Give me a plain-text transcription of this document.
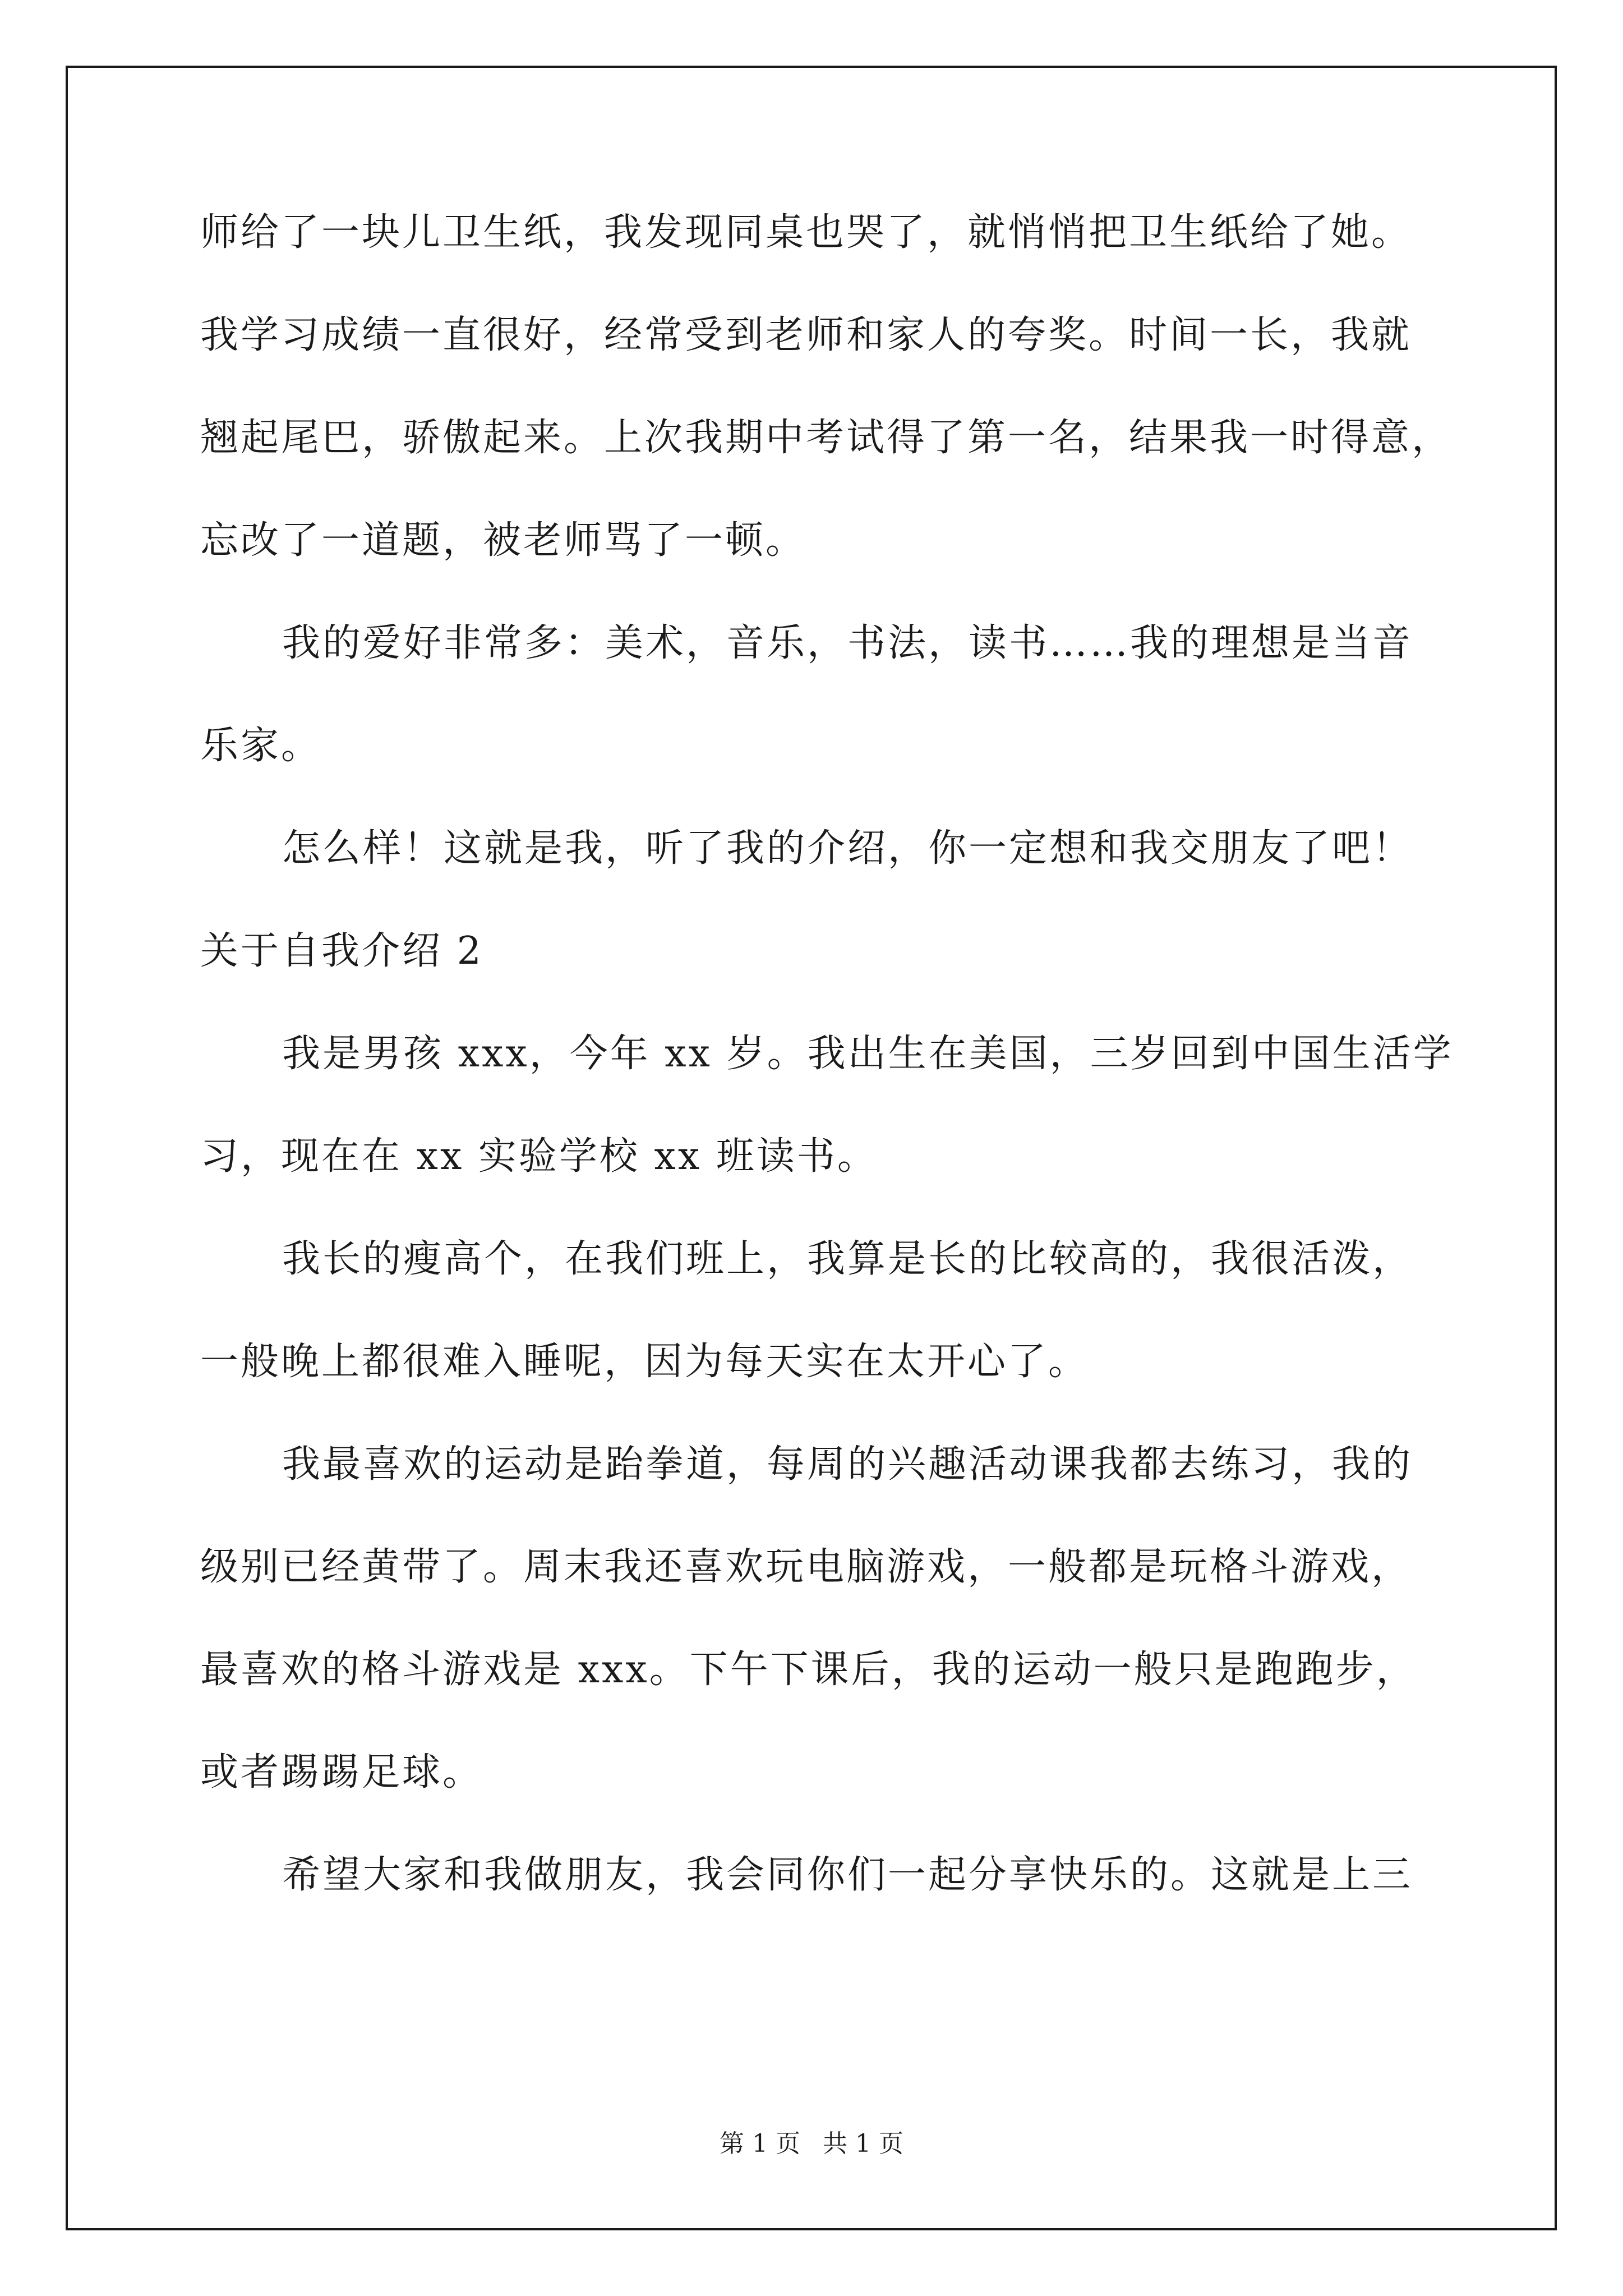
师给了一块儿卫生纸，我发现同桌也哭了，就悄悄把卫生纸给了她。
我学习成绩一直很好，经常受到老师和家人的夸奖。时间一长，我就
翘起尾巴，骄傲起来。上次我期中考试得了第一名，结果我一时得意，
忘改了一道题，被老师骂了一顿。
我的爱好非常多：美术，音乐，书法，读书……我的理想是当音
乐家。
怎么样！这就是我，听了我的介绍，你一定想和我交朋友了吧！
关于自我介绍 2
我是男孩 xxx，今年 xx 岁。我出生在美国，三岁回到中国生活学
习，现在在 xx 实验学校 xx 班读书。
我长的瘦高个，在我们班上，我算是长的比较高的，我很活泼，
一般晚上都很难入睡呢，因为每天实在太开心了。
我最喜欢的运动是跆拳道，每周的兴趣活动课我都去练习，我的
级别已经黄带了。周末我还喜欢玩电脑游戏，一般都是玩格斗游戏，
最喜欢的格斗游戏是 xxx。下午下课后，我的运动一般只是跑跑步，
或者踢踢足球。
希望大家和我做朋友，我会同你们一起分享快乐的。这就是上三
第 1 页 共 1 页
